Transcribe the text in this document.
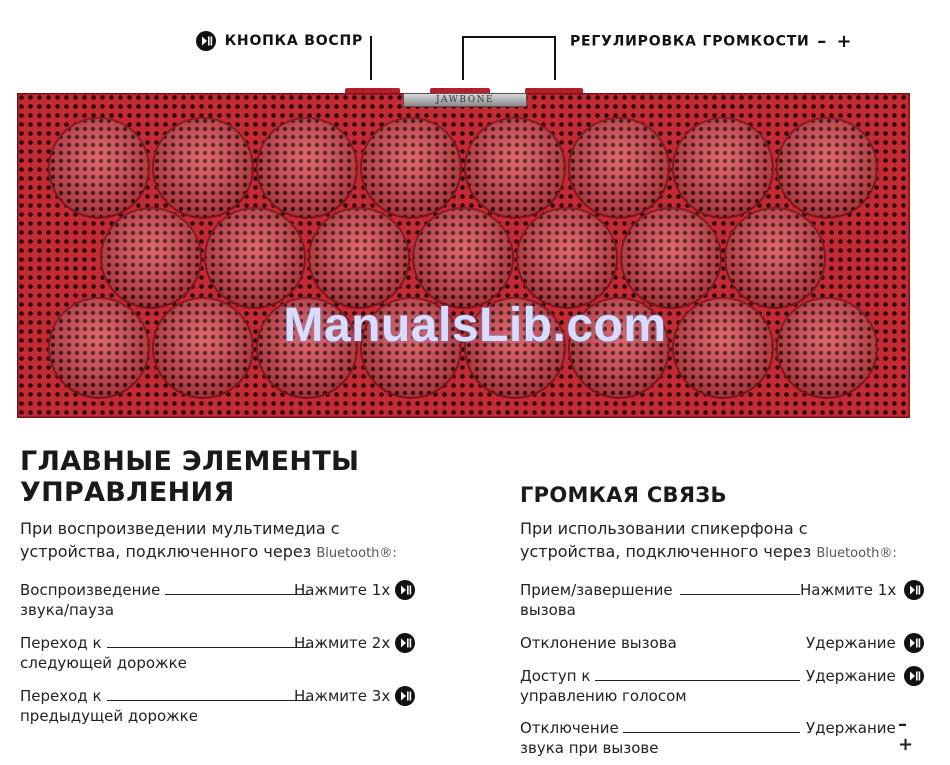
КНОПКА ВОСПР	РЕГУЛИРОВКА ГРОМКОСТИ – +
JAWBONE
ManualsLib.com
ГЛАВНЫЕ ЭЛЕМЕНТЫ
УПРАВЛЕНИЯ
При воспроизведении мультимедиа с
устройства, подключенного через Bluetooth®:
Воспроизведение
звука/пауза
Нажмите 1х
Переход к
следующей дорожке
Нажмите 2х
Переход к
предыдущей дорожке
Нажмите 3х
ГРОМКАЯ СВЯЗЬ
При использовании спикерфона с
устройства, подключенного через Bluetooth®:
Прием/завершение
вызова
Нажмите 1х
Отклонение вызова	Удержание
Доступ к
управлению голосом
Удержание
Отключение
звука при вызове
Удержание – +
